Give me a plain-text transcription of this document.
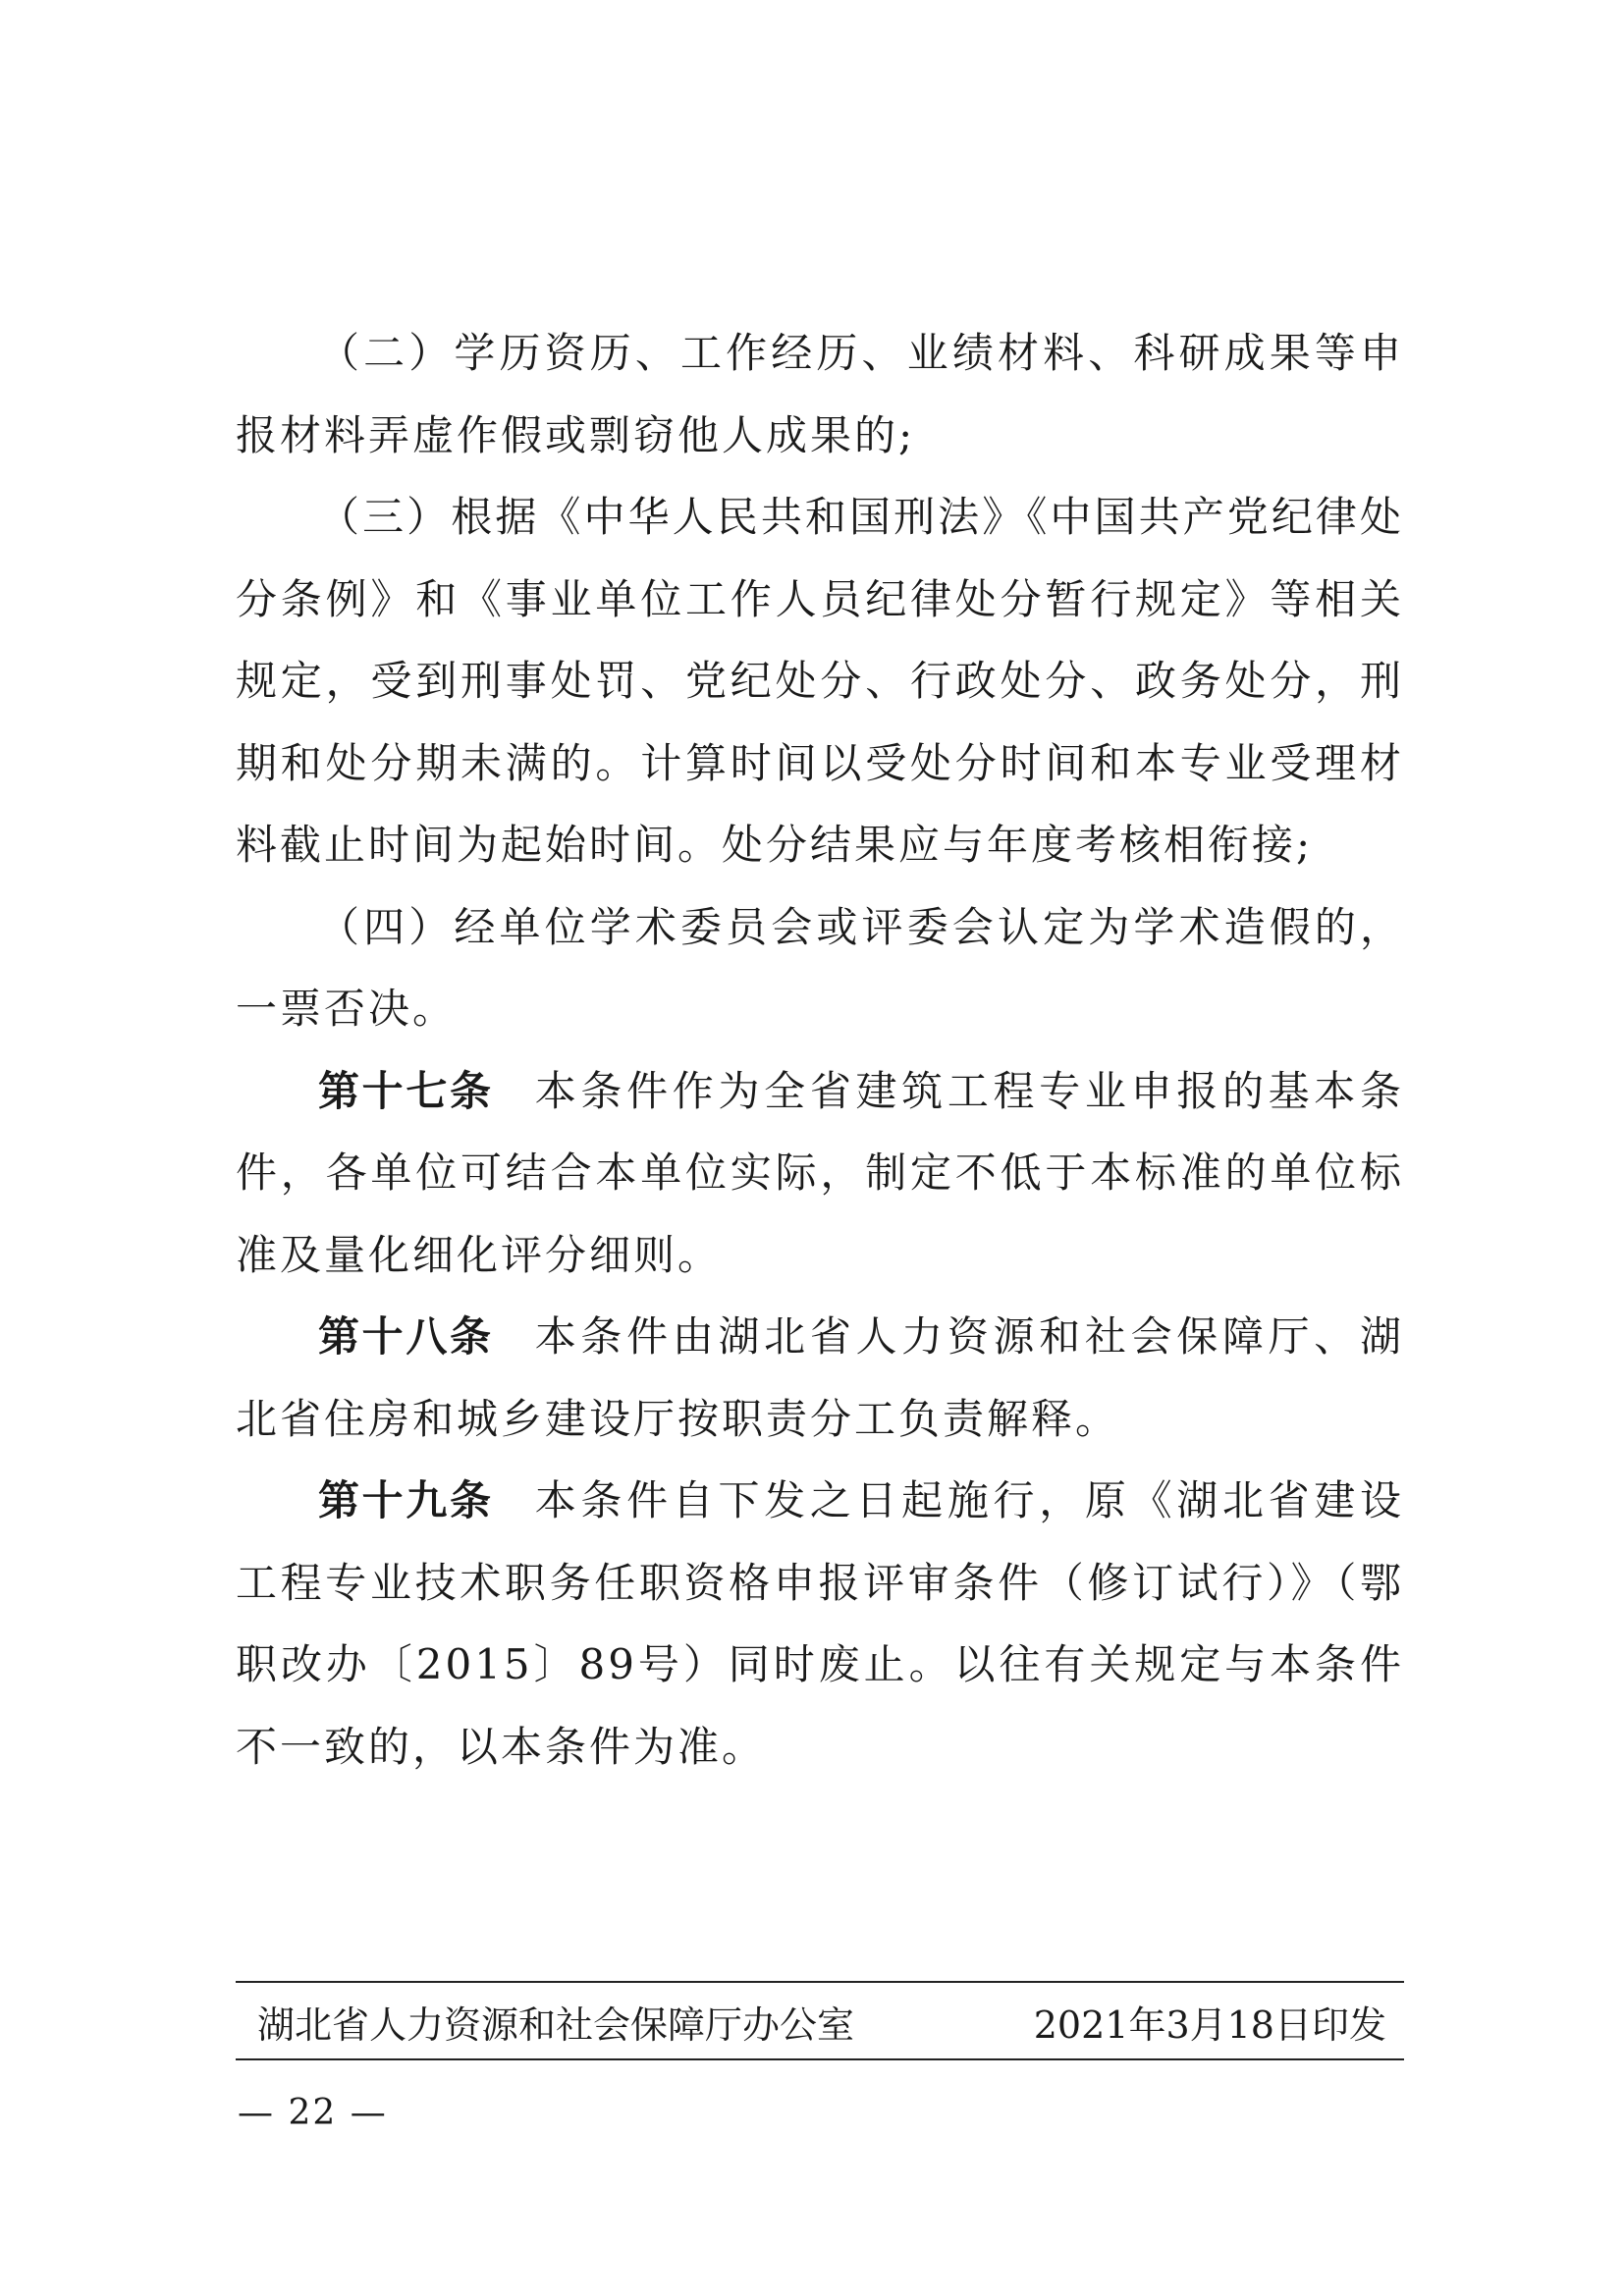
（二）学历资历、工作经历、业绩材料、科研成果等申报材料弄虚作假或剽窃他人成果的;

（三）根据《中华人民共和国刑法》《中国共产党纪律处分条例》和《事业单位工作人员纪律处分暂行规定》等相关规定，受到刑事处罚、党纪处分、行政处分、政务处分，刑期和处分期未满的。计算时间以受处分时间和本专业受理材料截止时间为起始时间。处分结果应与年度考核相衔接;

（四）经单位学术委员会或评委会认定为学术造假的，一票否决。

第十七条 本条件作为全省建筑工程专业申报的基本条件，各单位可结合本单位实际，制定不低于本标准的单位标准及量化细化评分细则。

第十八条 本条件由湖北省人力资源和社会保障厅、湖北省住房和城乡建设厅按职责分工负责解释。

第十九条 本条件自下发之日起施行，原《湖北省建设工程专业技术职务任职资格申报评审条件（修订试行）》（鄂职改办〔2015〕89号）同时废止。以往有关规定与本条件不一致的，以本条件为准。

湖北省人力资源和社会保障厅办公室	2021年3月18日印发
— 22 —
